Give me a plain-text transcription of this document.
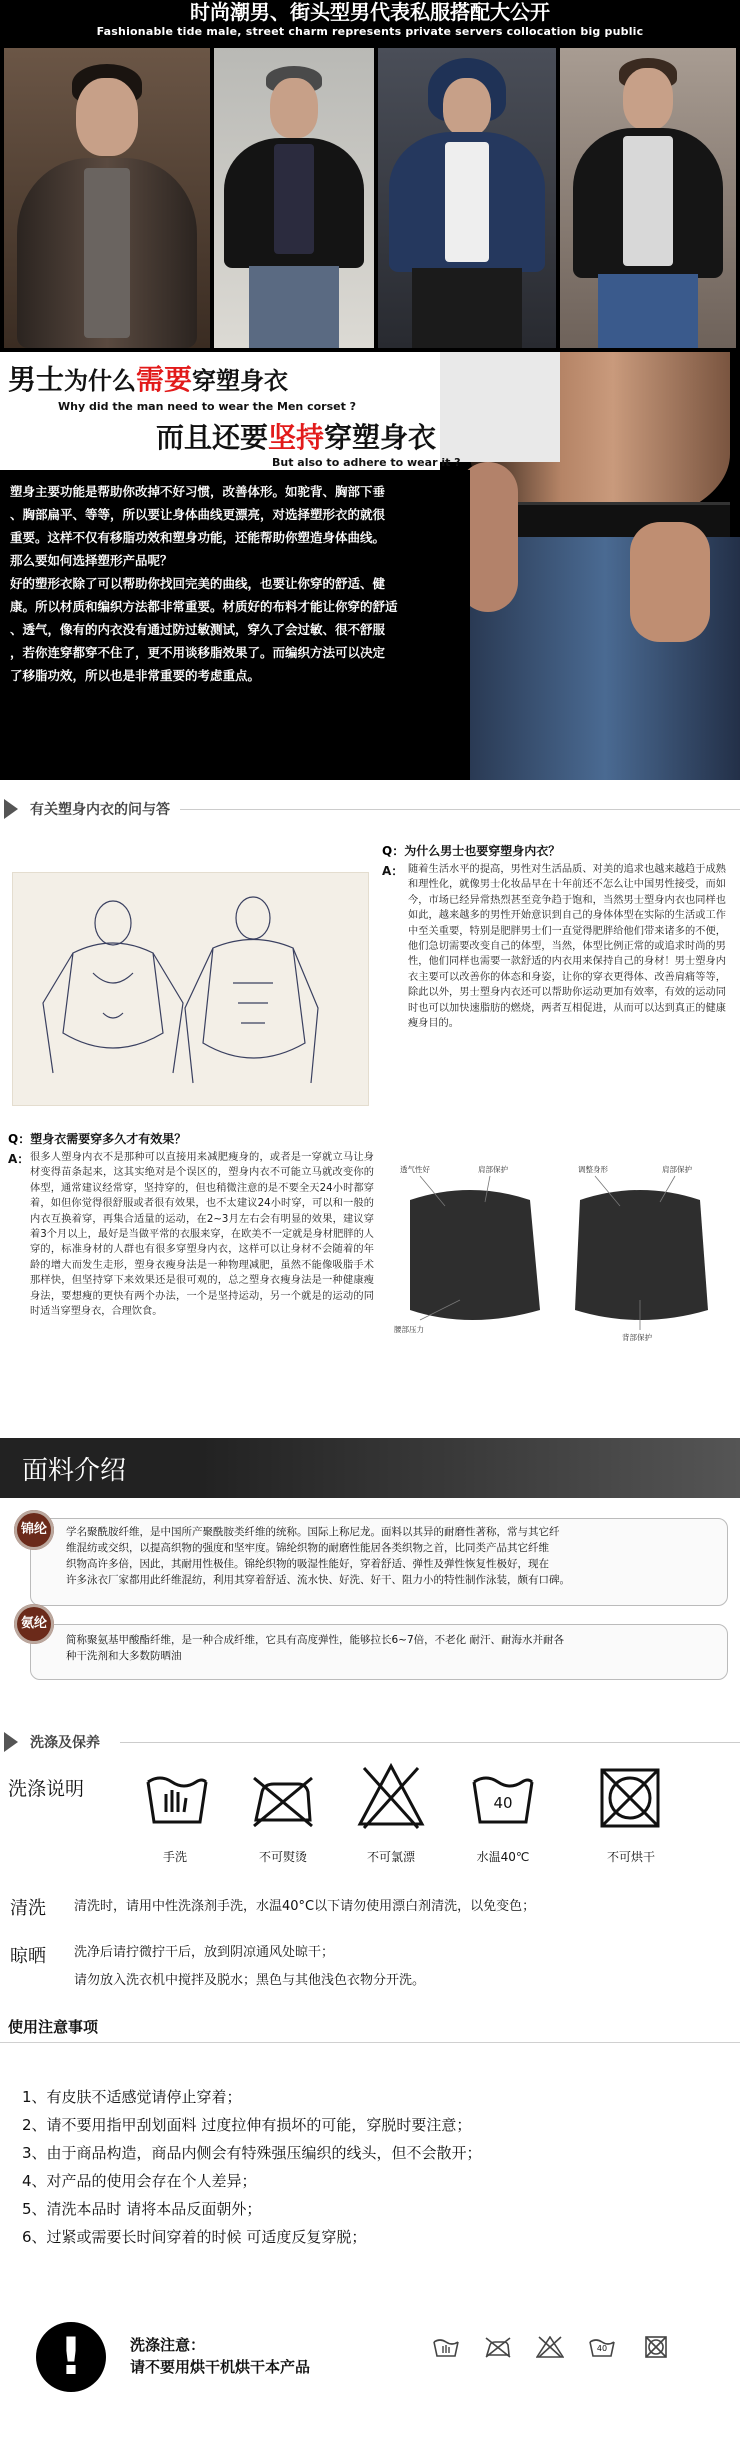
时尚潮男、街头型男代表私服搭配大公开
Fashionable tide male, street charm represents private servers collocation big public
男士为什么需要穿塑身衣
Why did the man need to wear the Men corset ?
而且还要坚持穿塑身衣
But also to adhere to wear it ?
塑身主要功能是帮助你改掉不好习惯，改善体形。如驼背、胸部下垂
、胸部扁平、等等，所以要让身体曲线更漂亮，对选择塑形衣的就很
重要。这样不仅有移脂功效和塑身功能，还能帮助你塑造身体曲线。
那么要如何选择塑形产品呢？
好的塑形衣除了可以帮助你找回完美的曲线，也要让你穿的舒适、健
康。所以材质和编织方法都非常重要。材质好的布料才能让你穿的舒适
、透气，像有的内衣没有通过防过敏测试，穿久了会过敏、很不舒服
，若你连穿都穿不住了，更不用谈移脂效果了。而编织方法可以决定
了移脂功效，所以也是非常重要的考虑重点。
有关塑身内衣的问与答
Q：为什么男士也要穿塑身内衣？
A： 随着生活水平的提高，男性对生活品质、对美的追求也越来越趋于成熟和理性化，就像男士化妆品早在十年前还不怎么让中国男性接受，而如今，市场已经异常热烈甚至竞争趋于饱和，当然男士塑身内衣也同样也如此，越来越多的男性开始意识到自己的身体体型在实际的生活或工作中至关重要，特别是肥胖男士们一直觉得肥胖给他们带来诸多的不便，他们急切需要改变自己的体型，当然，体型比例正常的或追求时尚的男性，他们同样也需要一款舒适的内衣用来保持自己的身材！男士塑身内衣主要可以改善你的体态和身姿，让你的穿衣更得体、改善肩痛等等，除此以外，男士塑身内衣还可以帮助你运动更加有效率，有效的运动同时也可以加快速脂肪的燃烧，两者互相促进，从而可以达到真正的健康瘦身目的。
Q：塑身衣需要穿多久才有效果？
A： 很多人塑身内衣不是那种可以直接用来减肥瘦身的，或者是一穿就立马让身材变得苗条起来，这其实绝对是个误区的，塑身内衣不可能立马就改变你的体型，通常建议经常穿，坚持穿的，但也稍微注意的是不要全天24小时都穿着，如但你觉得很舒服或者很有效果，也不太建议24小时穿，可以和一般的内衣互换着穿，再集合适量的运动，在2~3月左右会有明显的效果，建议穿着3个月以上，最好是当做平常的衣服来穿，在欧美不一定就是身材肥胖的人穿的，标准身材的人群也有很多穿塑身内衣，这样可以让身材不会随着的年龄的增大而发生走形，塑身衣瘦身法是一种物理减肥，虽然不能像吸脂手术那样快，但坚持穿下来效果还是很可观的，总之塑身衣瘦身法是一种健康瘦身法，要想瘦的更快有两个办法，一个是坚持运动，另一个就是的运动的同时适当穿塑身衣，合理饮食。
透气性好	肩部保护	调整身形	肩部保护
腰部压力
背部保护
面料介绍
锦纶	学名聚酰胺纤维，是中国所产聚酰胺类纤维的统称。国际上称尼龙。面料以其异的耐磨性著称，常与其它纤
维混纺或交织，以提高织物的强度和坚牢度。锦纶织物的耐磨性能居各类织物之首，比同类产品其它纤维
织物高许多倍，因此，其耐用性极佳。锦纶织物的吸湿性能好，穿着舒适、弹性及弹性恢复性极好，现在
许多泳衣厂家都用此纤维混纺，利用其穿着舒适、流水快、好洗、好干、阻力小的特性制作泳装，颇有口碑。
氨纶
简称聚氨基甲酸酯纤维，是一种合成纤维，它具有高度弹性，能够拉长6~7倍，不老化 耐汗、耐海水并耐各
种干洗剂和大多数防晒油
洗涤及保养
洗涤说明
手洗	不可熨烫	不可氯漂
40
水温40℃	不可烘干
清洗 清洗时，请用中性洗涤剂手洗，水温40°C以下请勿使用漂白剂清洗，以免变色；
晾晒 洗净后请拧微拧干后，放到阴凉通风处晾干；
请勿放入洗衣机中搅拌及脱水；黑色与其他浅色衣物分开洗。
使用注意事项
1、有皮肤不适感觉请停止穿着；
2、请不要用指甲刮划面料 过度拉伸有损坏的可能，穿脱时要注意；
3、由于商品构造，商品内侧会有特殊强压编织的线头，但不会散开；
4、对产品的使用会存在个人差异；
5、清洗本品时 请将本品反面朝外；
6、过紧或需要长时间穿着的时候 可适度反复穿脱；
!	洗涤注意：
请不要用烘干机烘干本产品
40
